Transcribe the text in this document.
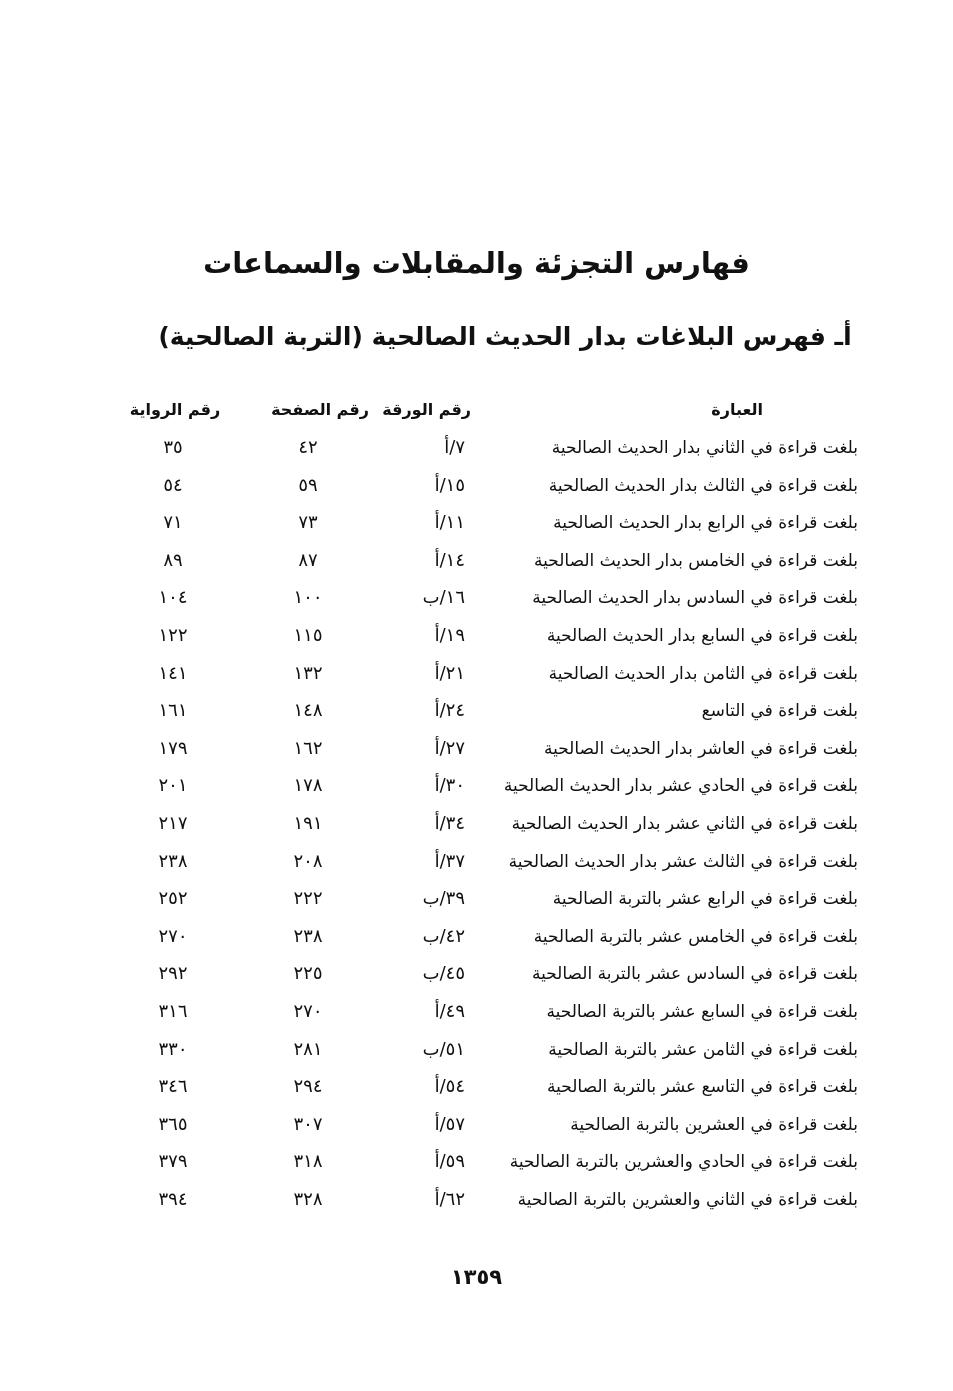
فهارس التجزئة والمقابلات والسماعات
أـ فهرس البلاغات بدار الحديث الصالحية (التربة الصالحية)
العبارة
رقم الورقة
رقم الصفحة
رقم الرواية
بلغت قراءة في الثاني بدار الحديث الصالحية
٧/أ
٤٢
٣٥
بلغت قراءة في الثالث بدار الحديث الصالحية
١٥/أ
٥٩
٥٤
بلغت قراءة في الرابع بدار الحديث الصالحية
١١/أ
٧٣
٧١
بلغت قراءة في الخامس بدار الحديث الصالحية
١٤/أ
٨٧
٨٩
بلغت قراءة في السادس بدار الحديث الصالحية
١٦/ب
١٠٠
١٠٤
بلغت قراءة في السابع بدار الحديث الصالحية
١٩/أ
١١٥
١٢٢
بلغت قراءة في الثامن بدار الحديث الصالحية
٢١/أ
١٣٢
١٤١
بلغت قراءة في التاسع
٢٤/أ
١٤٨
١٦١
بلغت قراءة في العاشر بدار الحديث الصالحية
٢٧/أ
١٦٢
١٧٩
بلغت قراءة في الحادي عشر بدار الحديث الصالحية
٣٠/أ
١٧٨
٢٠١
بلغت قراءة في الثاني عشر بدار الحديث الصالحية
٣٤/أ
١٩١
٢١٧
بلغت قراءة في الثالث عشر بدار الحديث الصالحية
٣٧/أ
٢٠٨
٢٣٨
بلغت قراءة في الرابع عشر بالتربة الصالحية
٣٩/ب
٢٢٢
٢٥٢
بلغت قراءة في الخامس عشر بالتربة الصالحية
٤٢/ب
٢٣٨
٢٧٠
بلغت قراءة في السادس عشر بالتربة الصالحية
٤٥/ب
٢٢٥
٢٩٢
بلغت قراءة في السابع عشر بالتربة الصالحية
٤٩/أ
٢٧٠
٣١٦
بلغت قراءة في الثامن عشر بالتربة الصالحية
٥١/ب
٢٨١
٣٣٠
بلغت قراءة في التاسع عشر بالتربة الصالحية
٥٤/أ
٢٩٤
٣٤٦
بلغت قراءة في العشرين بالتربة الصالحية
٥٧/أ
٣٠٧
٣٦٥
بلغت قراءة في الحادي والعشرين بالتربة الصالحية
٥٩/أ
٣١٨
٣٧٩
بلغت قراءة في الثاني والعشرين بالتربة الصالحية
٦٢/أ
٣٢٨
٣٩٤
١٣٥٩
